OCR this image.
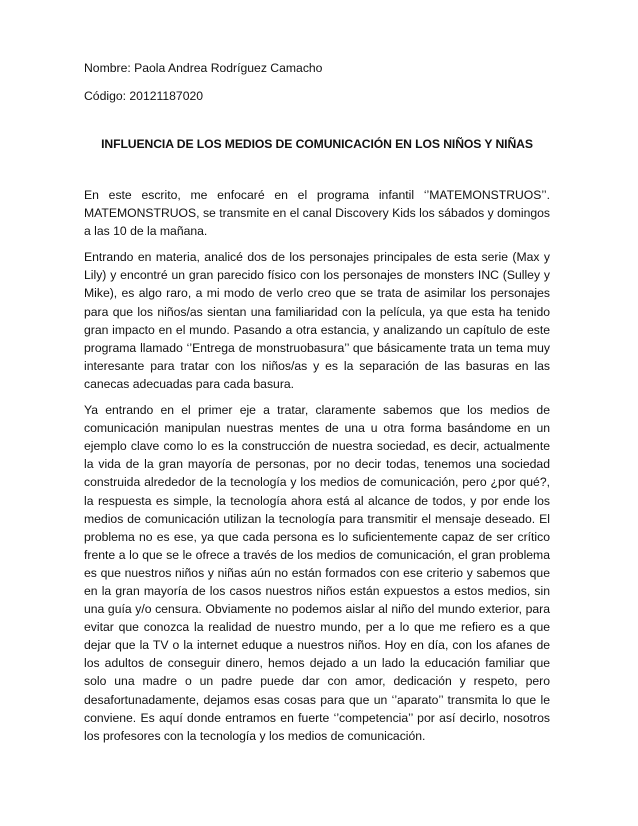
Nombre: Paola Andrea Rodríguez Camacho

Código: 20121187020

INFLUENCIA DE LOS MEDIOS DE COMUNICACIÓN EN LOS NIÑOS Y NIÑAS

En este escrito, me enfocaré en el programa infantil ‘’MATEMONSTRUOS’’. MATEMONSTRUOS, se transmite en el canal Discovery Kids los sábados y domingos a las 10 de la mañana.

Entrando en materia, analicé dos de los personajes principales de esta serie (Max y Lily) y encontré un gran parecido físico con los personajes de monsters INC (Sulley y Mike), es algo raro, a mi modo de verlo creo que se trata de asimilar los personajes para que los niños/as sientan una familiaridad con la película, ya que esta ha tenido gran impacto en el mundo. Pasando a otra estancia, y analizando un capítulo de este programa llamado ‘’Entrega de monstruobasura’’ que básicamente trata un tema muy interesante para tratar con los niños/as y es la separación de las basuras en las canecas adecuadas para cada basura.

Ya entrando en el primer eje a tratar, claramente sabemos que los medios de comunicación manipulan nuestras mentes de una u otra forma basándome en un ejemplo clave como lo es la construcción de nuestra sociedad, es decir, actualmente la vida de la gran mayoría de personas, por no decir todas, tenemos una sociedad construida alrededor de la tecnología y los medios de comunicación, pero ¿por qué?, la respuesta es simple, la tecnología ahora está al alcance de todos, y por ende los medios de comunicación utilizan la tecnología para transmitir el mensaje deseado. El problema no es ese, ya que cada persona es lo suficientemente capaz de ser crítico frente a lo que se le ofrece a través de los medios de comunicación, el gran problema es que nuestros niños y niñas aún no están formados con ese criterio y sabemos que en la gran mayoría de los casos nuestros niños están expuestos a estos medios, sin una guía y/o censura. Obviamente no podemos aislar al niño del mundo exterior, para evitar que conozca la realidad de nuestro mundo, per a lo que me refiero es a que dejar que la TV o la internet eduque a nuestros niños. Hoy en día, con los afanes de los adultos de conseguir dinero, hemos dejado a un lado la educación familiar que solo una madre o un padre puede dar con amor, dedicación y respeto, pero desafortunadamente, dejamos esas cosas para que un ‘’aparato’’ transmita lo que le conviene. Es aquí donde entramos en fuerte ‘’competencia’’ por así decirlo, nosotros los profesores con la tecnología y los medios de comunicación.
